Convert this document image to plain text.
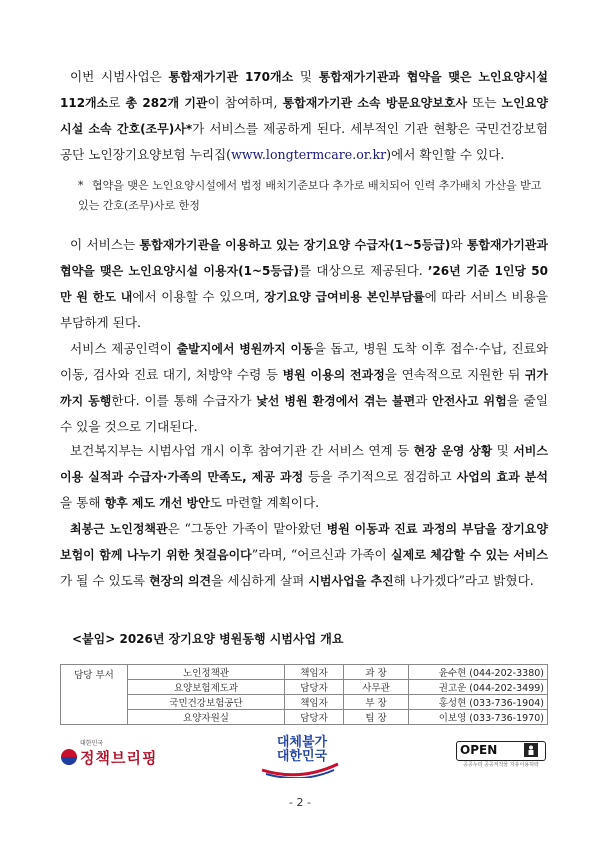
이번 시범사업은 통합재가기관 170개소 및 통합재가기관과 협약을 맺은 노인요양시설 112개소로 총 282개 기관이 참여하며, 통합재가기관 소속 방문요양보호사 또는 노인요양시설 소속 간호(조무)사*가 서비스를 제공하게 된다. 세부적인 기관 현황은 국민건강보험공단 노인장기요양보험 누리집(www.longtermcare.or.kr)에서 확인할 수 있다.

* 협약을 맺은 노인요양시설에서 법정 배치기준보다 추가로 배치되어 인력 추가배치 가산을 받고 있는 간호(조무)사로 한정

이 서비스는 통합재가기관을 이용하고 있는 장기요양 수급자(1~5등급)와 통합재가기관과 협약을 맺은 노인요양시설 이용자(1~5등급)를 대상으로 제공된다. ’26년 기준 1인당 50만 원 한도 내에서 이용할 수 있으며, 장기요양 급여비용 본인부담률에 따라 서비스 비용을 부담하게 된다.

서비스 제공인력이 출발지에서 병원까지 이동을 돕고, 병원 도착 이후 접수·수납, 진료와 이동, 검사와 진료 대기, 처방약 수령 등 병원 이용의 전과정을 연속적으로 지원한 뒤 귀가까지 동행한다. 이를 통해 수급자가 낯선 병원 환경에서 겪는 불편과 안전사고 위험을 줄일 수 있을 것으로 기대된다.

보건복지부는 시범사업 개시 이후 참여기관 간 서비스 연계 등 현장 운영 상황 및 서비스 이용 실적과 수급자·가족의 만족도, 제공 과정 등을 주기적으로 점검하고 사업의 효과 분석을 통해 향후 제도 개선 방안도 마련할 계획이다.

최봉근 노인정책관은 “그동안 가족이 맡아왔던 병원 이동과 진료 과정의 부담을 장기요양보험이 함께 나누기 위한 첫걸음이다”라며, “어르신과 가족이 실제로 체감할 수 있는 서비스가 될 수 있도록 현장의 의견을 세심하게 살펴 시범사업을 추진해 나가겠다”라고 밝혔다.

<붙임> 2026년 장기요양 병원동행 시범사업 개요

담당 부서	노인정책관	책임자	과 장	윤수현 (044-202-3380)
	요양보험제도과	담당자	사무관	권고운 (044-202-3499)
	국민건강보험공단	책임자	부 장	홍성현 (033-736-1904)
	요양자원실	담당자	팀 장	이보영 (033-736-1970)
대한민국
정책브리핑
대체불가 대한민국	OPEN
공공누리 공공저작물 자유이용허락
- 2 -
